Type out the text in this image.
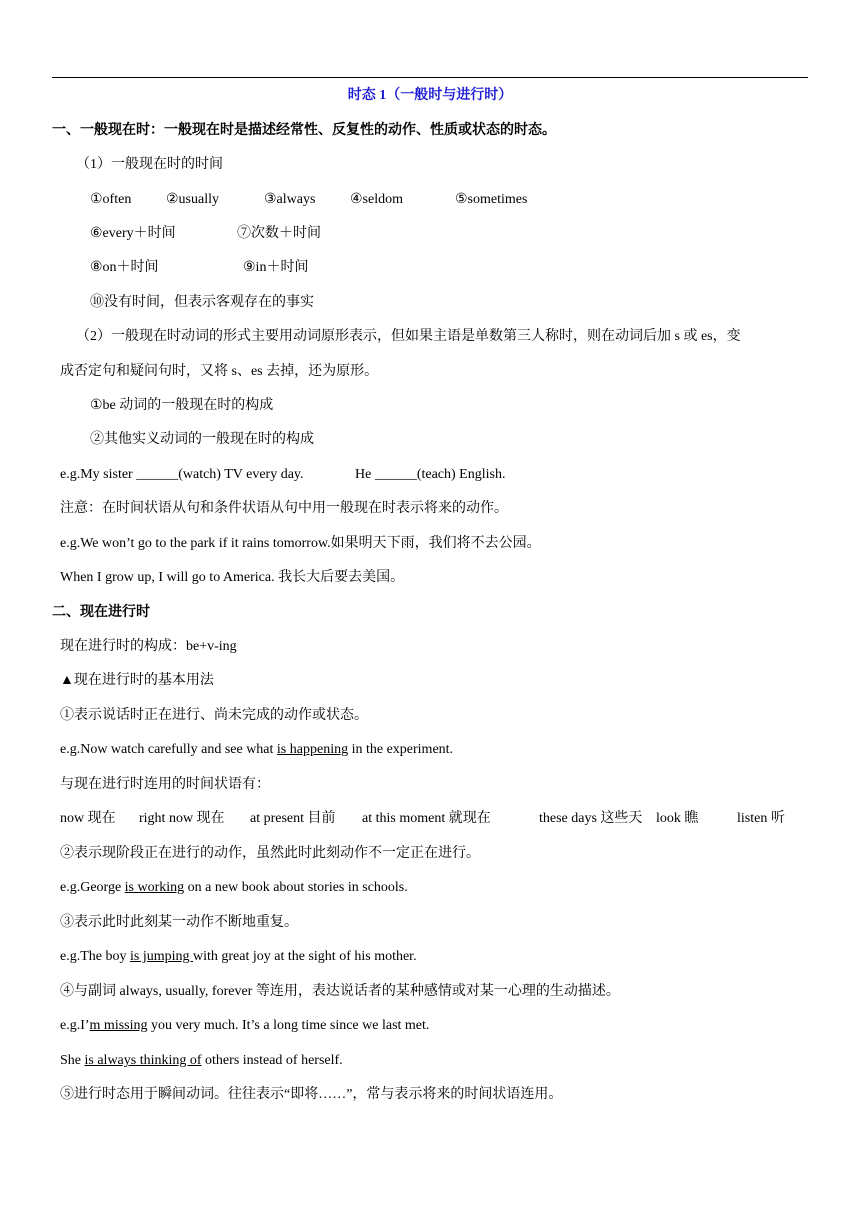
时态 1（一般时与进行时）
一、一般现在时：一般现在时是描述经常性、反复性的动作、性质或状态的时态。
（1）一般现在时的时间
①often ②usually	③always ④seldom	⑤sometimes
⑥every＋时间	⑦次数＋时间
⑧on＋时间	⑨in＋时间
⑩没有时间，但表示客观存在的事实
（2）一般现在时动词的形式主要用动词原形表示，但如果主语是单数第三人称时，则在动词后加 s 或 es，变
成否定句和疑问句时，又将 s、es 去掉，还为原形。
①be 动词的一般现在时的构成
②其他实义动词的一般现在时的构成
e.g.My sister ______(watch) TV every day.	He ______(teach) English.
注意：在时间状语从句和条件状语从句中用一般现在时表示将来的动作。
e.g.We won’t go to the park if it rains tomorrow.如果明天下雨，我们将不去公园。
When I grow up, I will go to America. 我长大后要去美国。
二、现在进行时
现在进行时的构成：be+v-ing
▲现在进行时的基本用法
①表示说话时正在进行、尚未完成的动作或状态。
e.g.Now watch carefully and see what is happening in the experiment.
与现在进行时连用的时间状语有：
now 现在 right now 现在 at present 目前 at this moment 就现在	these days 这些天 look 瞧	listen 听
②表示现阶段正在进行的动作，虽然此时此刻动作不一定正在进行。
e.g.George is working on a new book about stories in schools.
③表示此时此刻某一动作不断地重复。
e.g.The boy is jumping with great joy at the sight of his mother.
④与副词 always, usually, forever 等连用，表达说话者的某种感情或对某一心理的生动描述。
e.g.I’m missing you very much. It’s a long time since we last met.
She is always thinking of others instead of herself.
⑤进行时态用于瞬间动词。往往表示“即将……”，常与表示将来的时间状语连用。
